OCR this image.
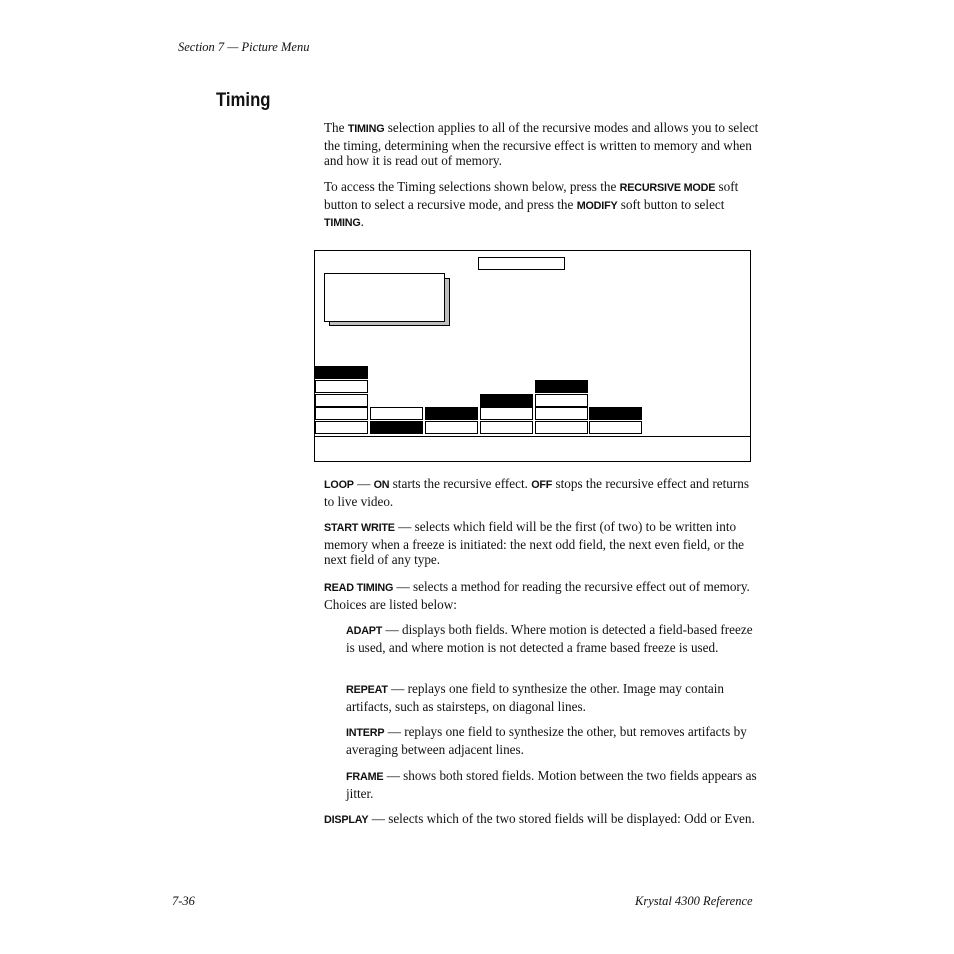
Section 7 — Picture Menu
Timing
The TIMING selection applies to all of the recursive modes and allows you to select the timing, determining when the recursive effect is written to memory and when and how it is read out of memory.
To access the Timing selections shown below, press the RECURSIVE MODE soft button to select a recursive mode, and press the MODIFY soft button to select TIMING.
LOOP — ON starts the recursive effect. OFF stops the recursive effect and returns to live video.
START WRITE — selects which field will be the first (of two) to be written into memory when a freeze is initiated: the next odd field, the next even field, or the next field of any type.
READ TIMING — selects a method for reading the recursive effect out of memory. Choices are listed below:
ADAPT — displays both fields. Where motion is detected a field-based freeze is used, and where motion is not detected a frame based freeze is used.
REPEAT — replays one field to synthesize the other. Image may contain artifacts, such as stairsteps, on diagonal lines.
INTERP — replays one field to synthesize the other, but removes artifacts by averaging between adjacent lines.
FRAME — shows both stored fields. Motion between the two fields appears as jitter.
DISPLAY — selects which of the two stored fields will be displayed: Odd or Even.
7-36	Krystal 4300 Reference
